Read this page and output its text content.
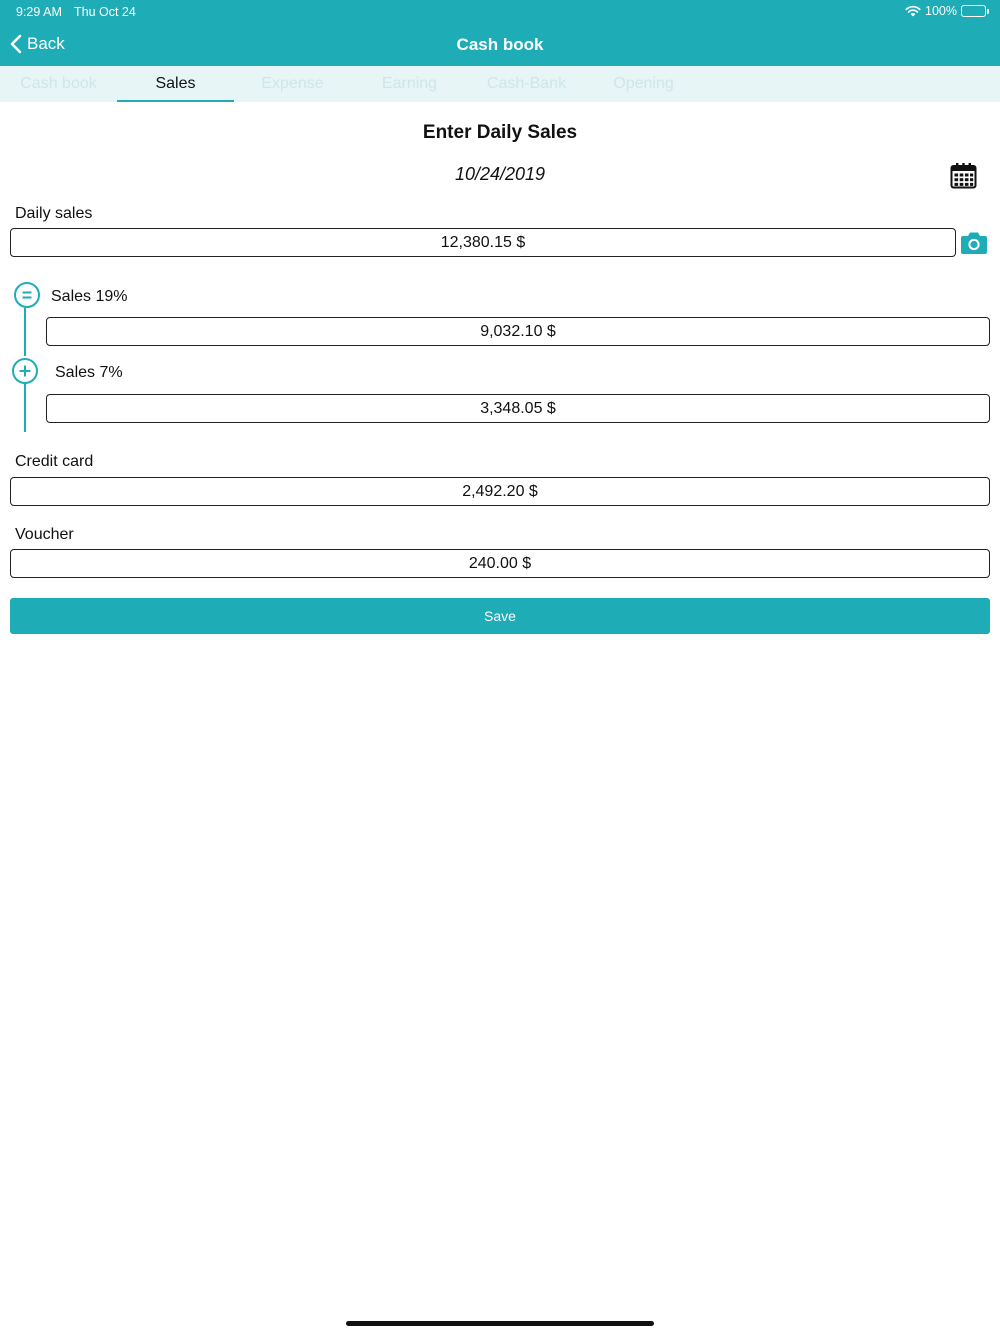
9:29 AM Thu Oct 24	100%
Back	Cash book
Cash book	Sales	Expense	Earning	Cash-Bank	Opening
Enter Daily Sales
10/24/2019
Daily sales
12,380.15 $
Sales 19%
9,032.10 $
Sales 7%
3,348.05 $
Credit card
2,492.20 $
Voucher
240.00 $
Save
